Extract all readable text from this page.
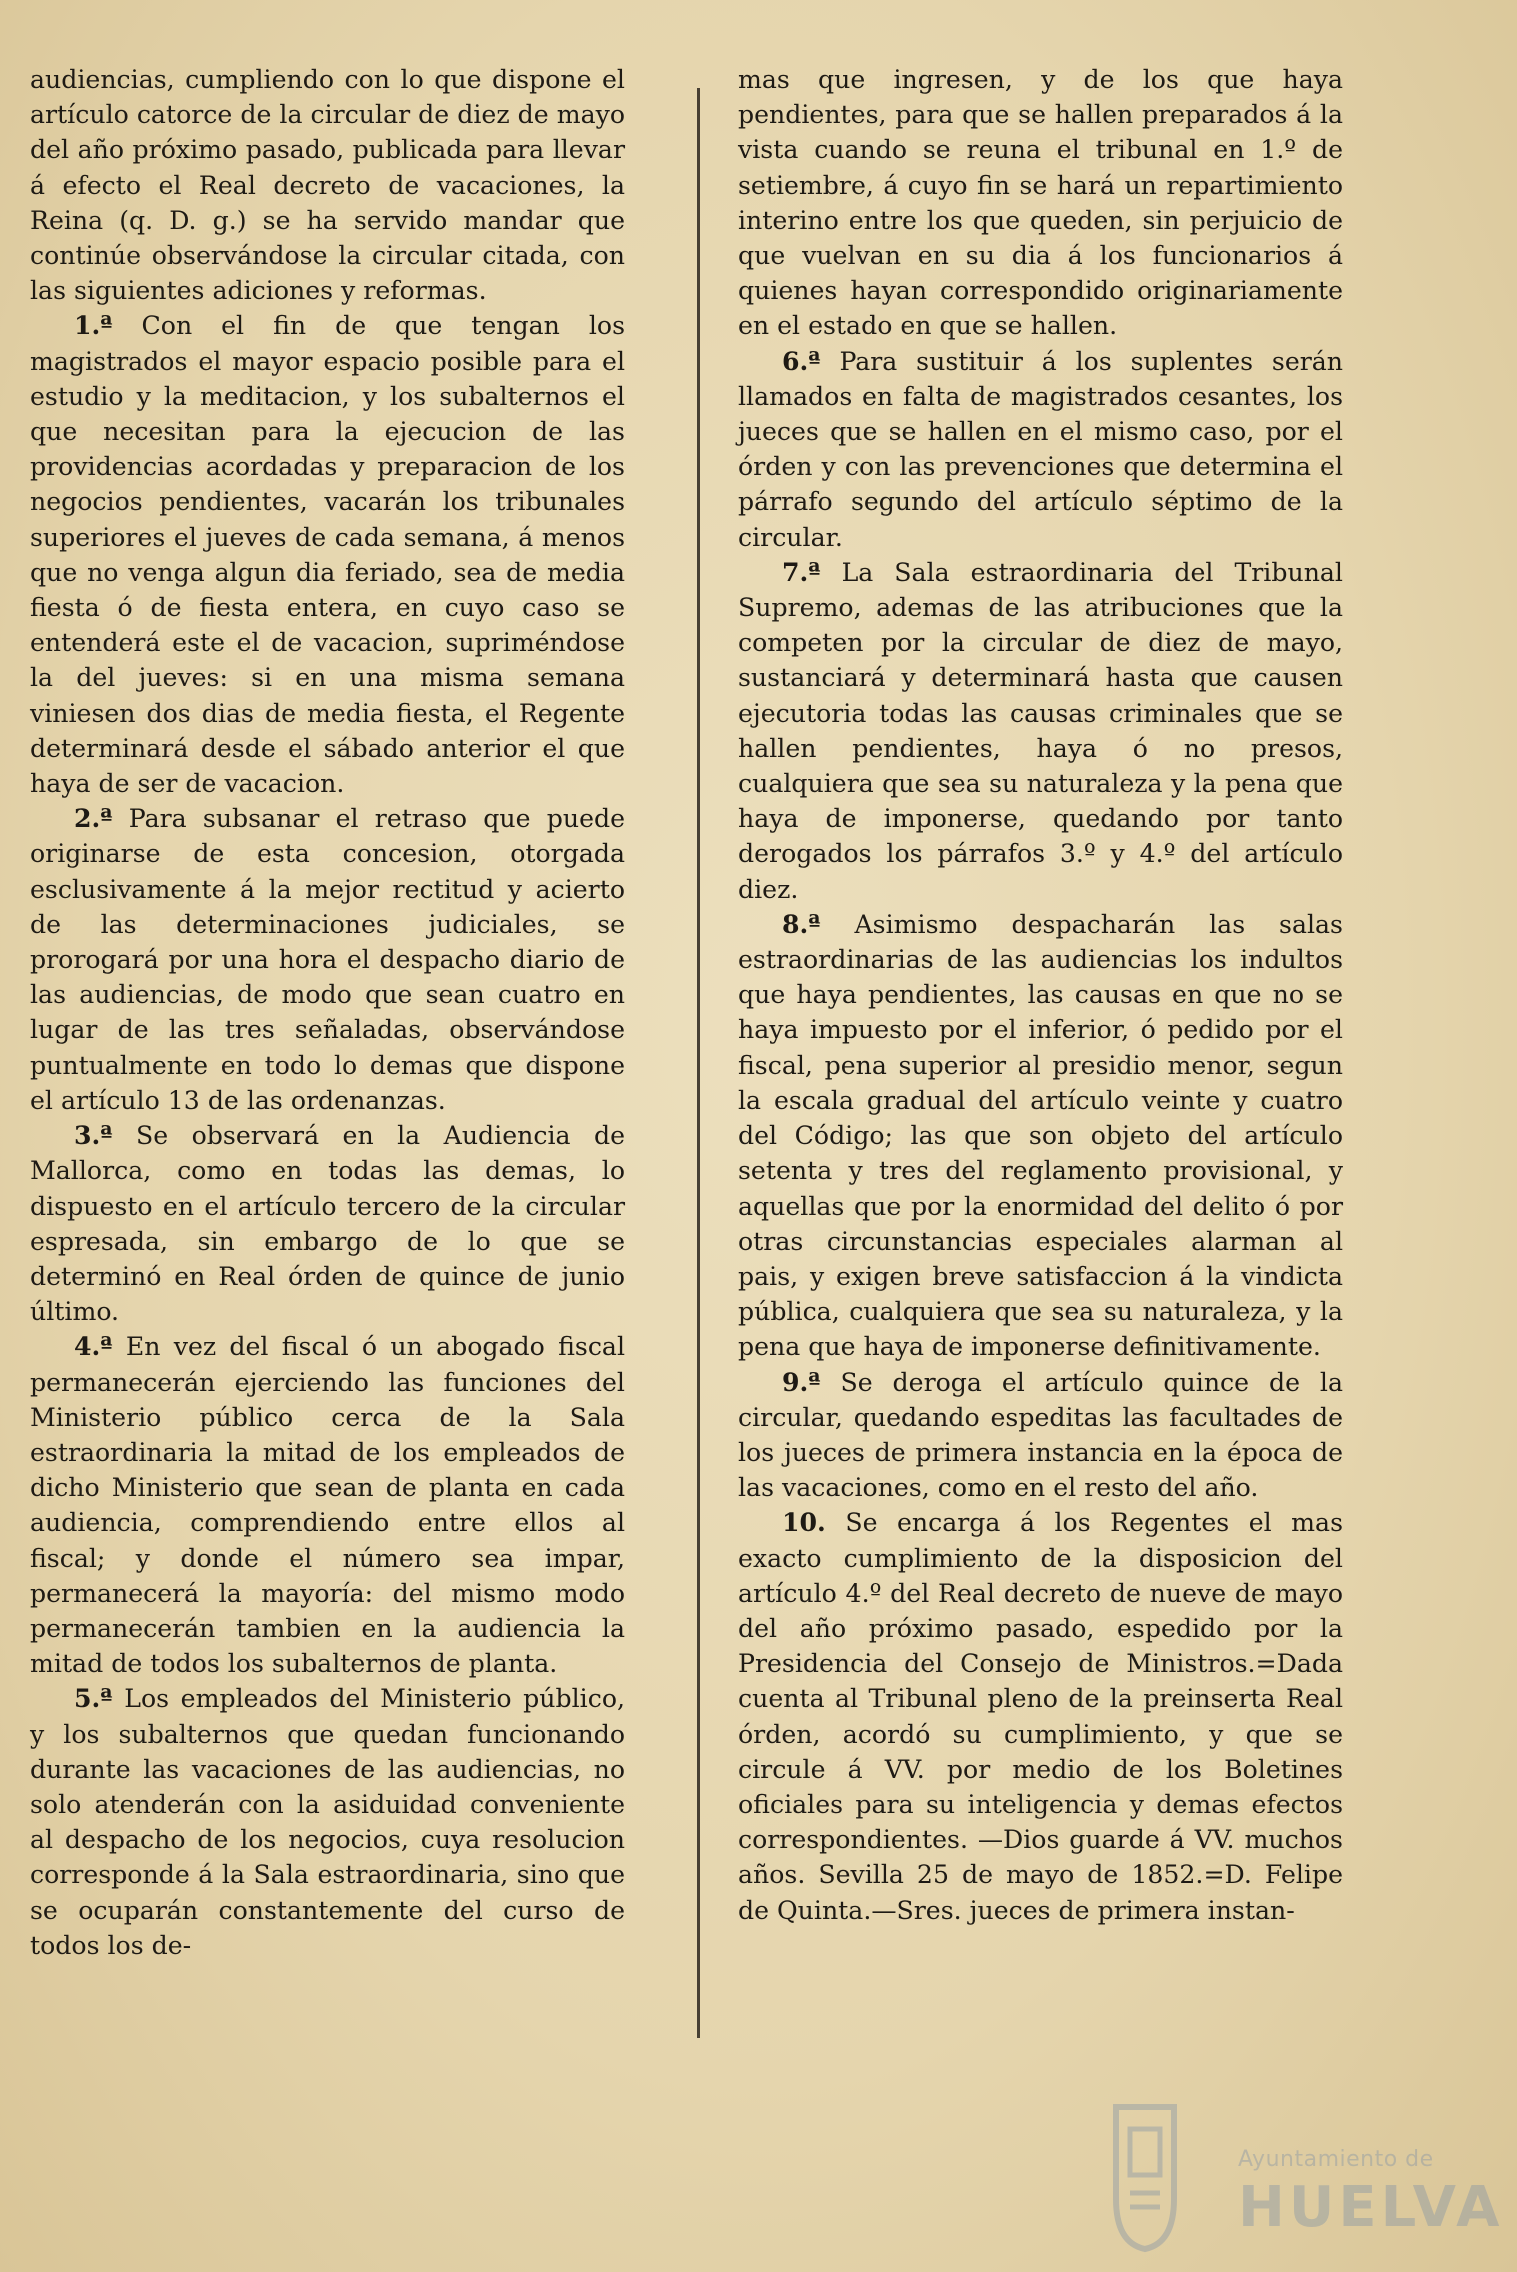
audiencias, cumpliendo con lo que dispone el artículo catorce de la circular de diez de mayo del año próximo pasado, publicada para llevar á efecto el Real decreto de vacaciones, la Reina (q. D. g.) se ha servido mandar que continúe observándose la circular citada, con las siguientes adiciones y reformas.

1.ª Con el fin de que tengan los magistrados el mayor espacio posible para el estudio y la meditacion, y los subalternos el que necesitan para la ejecucion de las providencias acordadas y preparacion de los negocios pendientes, vacarán los tribunales superiores el jueves de cada semana, á menos que no venga algun dia feriado, sea de media fiesta ó de fiesta entera, en cuyo caso se entenderá este el de vacacion, supriméndose la del jueves: si en una misma semana viniesen dos dias de media fiesta, el Regente determinará desde el sábado anterior el que haya de ser de vacacion.

2.ª Para subsanar el retraso que puede originarse de esta concesion, otorgada esclusivamente á la mejor rectitud y acierto de las determinaciones judiciales, se prorogará por una hora el despacho diario de las audiencias, de modo que sean cuatro en lugar de las tres señaladas, observándose puntualmente en todo lo demas que dispone el artículo 13 de las ordenanzas.

3.ª Se observará en la Audiencia de Mallorca, como en todas las demas, lo dispuesto en el artículo tercero de la circular espresada, sin embargo de lo que se determinó en Real órden de quince de junio último.

4.ª En vez del fiscal ó un abogado fiscal permanecerán ejerciendo las funciones del Ministerio público cerca de la Sala estraordinaria la mitad de los empleados de dicho Ministerio que sean de planta en cada audiencia, comprendiendo entre ellos al fiscal; y donde el número sea impar, permanecerá la mayoría: del mismo modo permanecerán tambien en la audiencia la mitad de todos los subalternos de planta.

5.ª Los empleados del Ministerio público, y los subalternos que quedan funcionando durante las vacaciones de las audiencias, no solo atenderán con la asiduidad conveniente al despacho de los negocios, cuya resolucion corresponde á la Sala estraordinaria, sino que se ocuparán constantemente del curso de todos los de-

mas que ingresen, y de los que haya pendientes, para que se hallen preparados á la vista cuando se reuna el tribunal en 1.º de setiembre, á cuyo fin se hará un repartimiento interino entre los que queden, sin perjuicio de que vuelvan en su dia á los funcionarios á quienes hayan correspondido originariamente en el estado en que se hallen.

6.ª Para sustituir á los suplentes serán llamados en falta de magistrados cesantes, los jueces que se hallen en el mismo caso, por el órden y con las prevenciones que determina el párrafo segundo del artículo séptimo de la circular.

7.ª La Sala estraordinaria del Tribunal Supremo, ademas de las atribuciones que la competen por la circular de diez de mayo, sustanciará y determinará hasta que causen ejecutoria todas las causas criminales que se hallen pendientes, haya ó no presos, cualquiera que sea su naturaleza y la pena que haya de imponerse, quedando por tanto derogados los párrafos 3.º y 4.º del artículo diez.

8.ª Asimismo despacharán las salas estraordinarias de las audiencias los indultos que haya pendientes, las causas en que no se haya impuesto por el inferior, ó pedido por el fiscal, pena superior al presidio menor, segun la escala gradual del artículo veinte y cuatro del Código; las que son objeto del artículo setenta y tres del reglamento provisional, y aquellas que por la enormidad del delito ó por otras circunstancias especiales alarman al pais, y exigen breve satisfaccion á la vindicta pública, cualquiera que sea su naturaleza, y la pena que haya de imponerse definitivamente.

9.ª Se deroga el artículo quince de la circular, quedando espeditas las facultades de los jueces de primera instancia en la época de las vacaciones, como en el resto del año.

10. Se encarga á los Regentes el mas exacto cumplimiento de la disposicion del artículo 4.º del Real decreto de nueve de mayo del año próximo pasado, espedido por la Presidencia del Consejo de Ministros.=Dada cuenta al Tribunal pleno de la preinserta Real órden, acordó su cumplimiento, y que se circule á VV. por medio de los Boletines oficiales para su inteligencia y demas efectos correspondientes. —Dios guarde á VV. muchos años. Sevilla 25 de mayo de 1852.=D. Felipe de Quinta.—Sres. jueces de primera instan-

Ayuntamiento de
HUELVA
